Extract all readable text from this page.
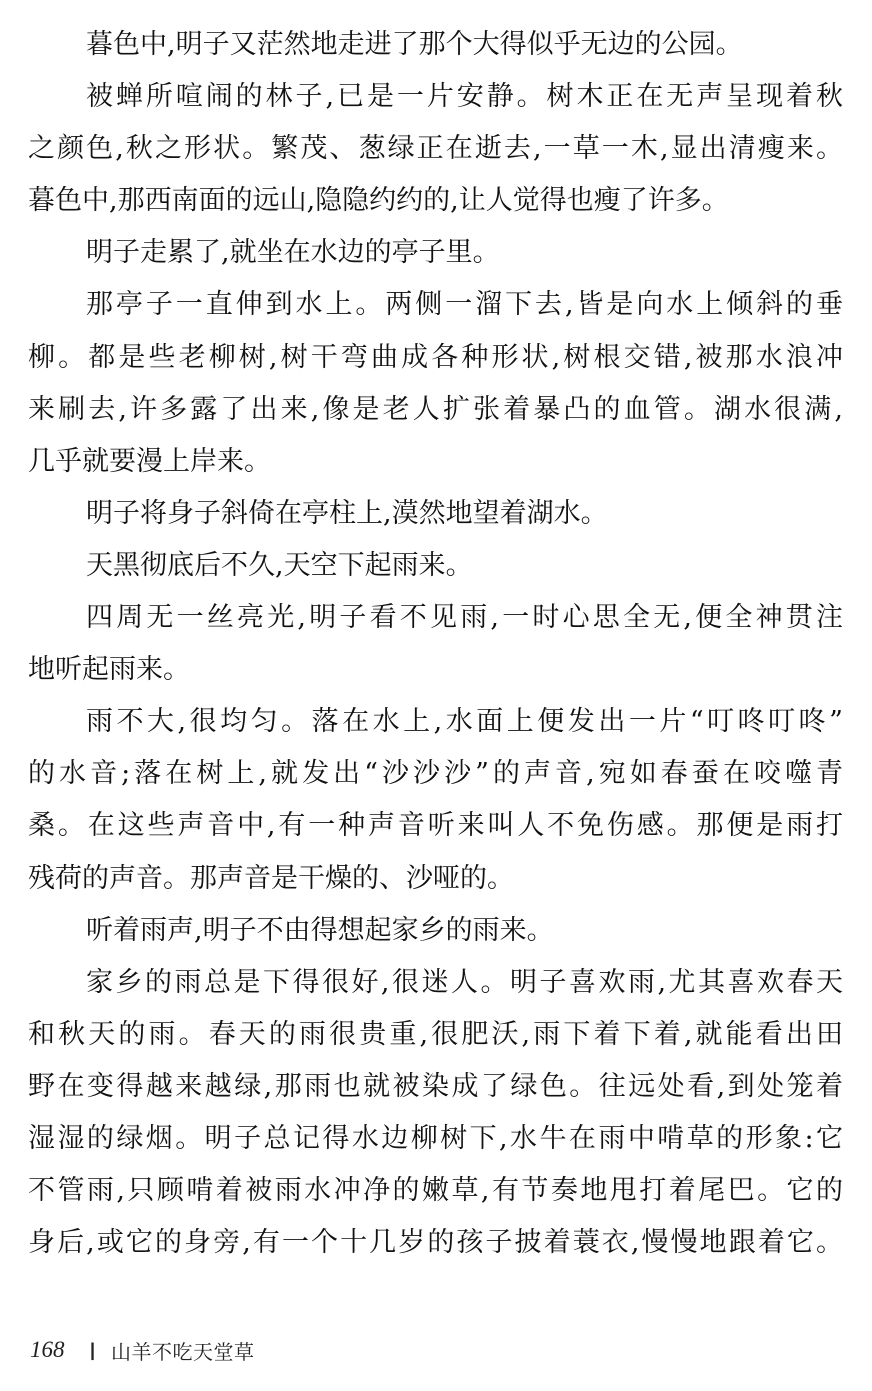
暮色中,明子又茫然地走进了那个大得似乎无边的公园。
被蝉所喧闹的林子,已是一片安静。树木正在无声呈现着秋
之颜色,秋之形状。繁茂、葱绿正在逝去,一草一木,显出清瘦来。
暮色中,那西南面的远山,隐隐约约的,让人觉得也瘦了许多。
明子走累了,就坐在水边的亭子里。
那亭子一直伸到水上。两侧一溜下去,皆是向水上倾斜的垂
柳。都是些老柳树,树干弯曲成各种形状,树根交错,被那水浪冲
来刷去,许多露了出来,像是老人扩张着暴凸的血管。湖水很满,
几乎就要漫上岸来。
明子将身子斜倚在亭柱上,漠然地望着湖水。
天黑彻底后不久,天空下起雨来。
四周无一丝亮光,明子看不见雨,一时心思全无,便全神贯注
地听起雨来。
雨不大,很均匀。落在水上,水面上便发出一片“叮咚叮咚”
的水音;落在树上,就发出“沙沙沙”的声音,宛如春蚕在咬噬青
桑。在这些声音中,有一种声音听来叫人不免伤感。那便是雨打
残荷的声音。那声音是干燥的、沙哑的。
听着雨声,明子不由得想起家乡的雨来。
家乡的雨总是下得很好,很迷人。明子喜欢雨,尤其喜欢春天
和秋天的雨。春天的雨很贵重,很肥沃,雨下着下着,就能看出田
野在变得越来越绿,那雨也就被染成了绿色。往远处看,到处笼着
湿湿的绿烟。明子总记得水边柳树下,水牛在雨中啃草的形象:它
不管雨,只顾啃着被雨水冲净的嫩草,有节奏地甩打着尾巴。它的
身后,或它的身旁,有一个十几岁的孩子披着蓑衣,慢慢地跟着它。
168	| 山羊不吃天堂草
